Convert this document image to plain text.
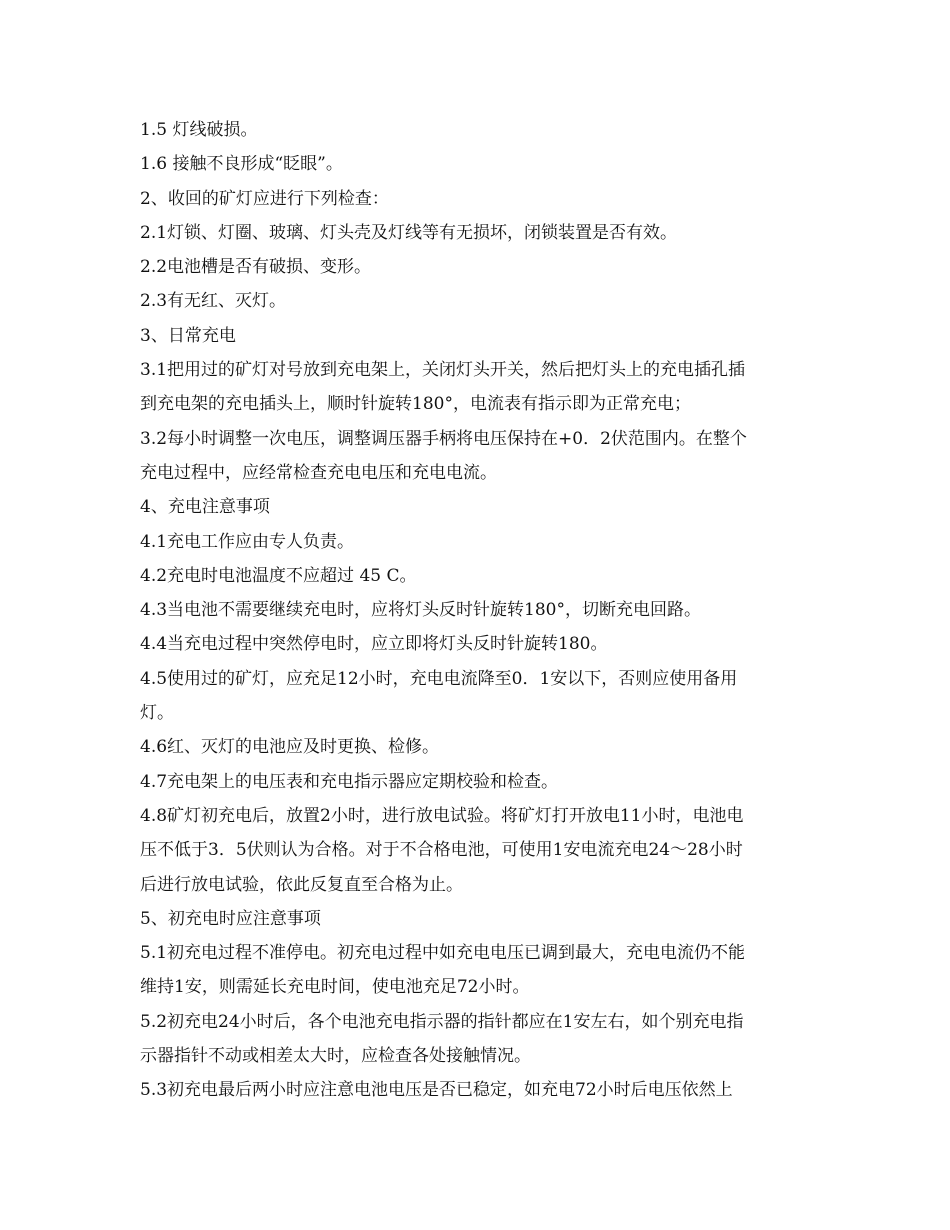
1.5 灯线破损。
1.6 接触不良形成“眨眼”。
2、收回的矿灯应进行下列检查：
2.1灯锁、灯圈、玻璃、灯头壳及灯线等有无损坏，闭锁装置是否有效。
2.2电池槽是否有破损、变形。
2.3有无红、灭灯。
3、日常充电
3.1把用过的矿灯对号放到充电架上，关闭灯头开关，然后把灯头上的充电插孔插
到充电架的充电插头上，顺时针旋转180°，电流表有指示即为正常充电；
3.2每小时调整一次电压，调整调压器手柄将电压保持在+0．2伏范围内。在整个
充电过程中，应经常检查充电电压和充电电流。
4、充电注意事项
4.1充电工作应由专人负责。
4.2充电时电池温度不应超过 45 C。
4.3当电池不需要继续充电时，应将灯头反时针旋转180°，切断充电回路。
4.4当充电过程中突然停电时，应立即将灯头反时针旋转180。
4.5使用过的矿灯，应充足12小时，充电电流降至0．1安以下，否则应使用备用
灯。
4.6红、灭灯的电池应及时更换、检修。
4.7充电架上的电压表和充电指示器应定期校验和检查。
4.8矿灯初充电后，放置2小时，进行放电试验。将矿灯打开放电11小时，电池电
压不低于3．5伏则认为合格。对于不合格电池，可使用1安电流充电24～28小时
后进行放电试验，依此反复直至合格为止。
5、初充电时应注意事项
5.1初充电过程不准停电。初充电过程中如充电电压已调到最大，充电电流仍不能
维持1安，则需延长充电时间，使电池充足72小时。
5.2初充电24小时后，各个电池充电指示器的指针都应在1安左右，如个别充电指
示器指针不动或相差太大时，应检查各处接触情况。
5.3初充电最后两小时应注意电池电压是否已稳定，如充电72小时后电压依然上
